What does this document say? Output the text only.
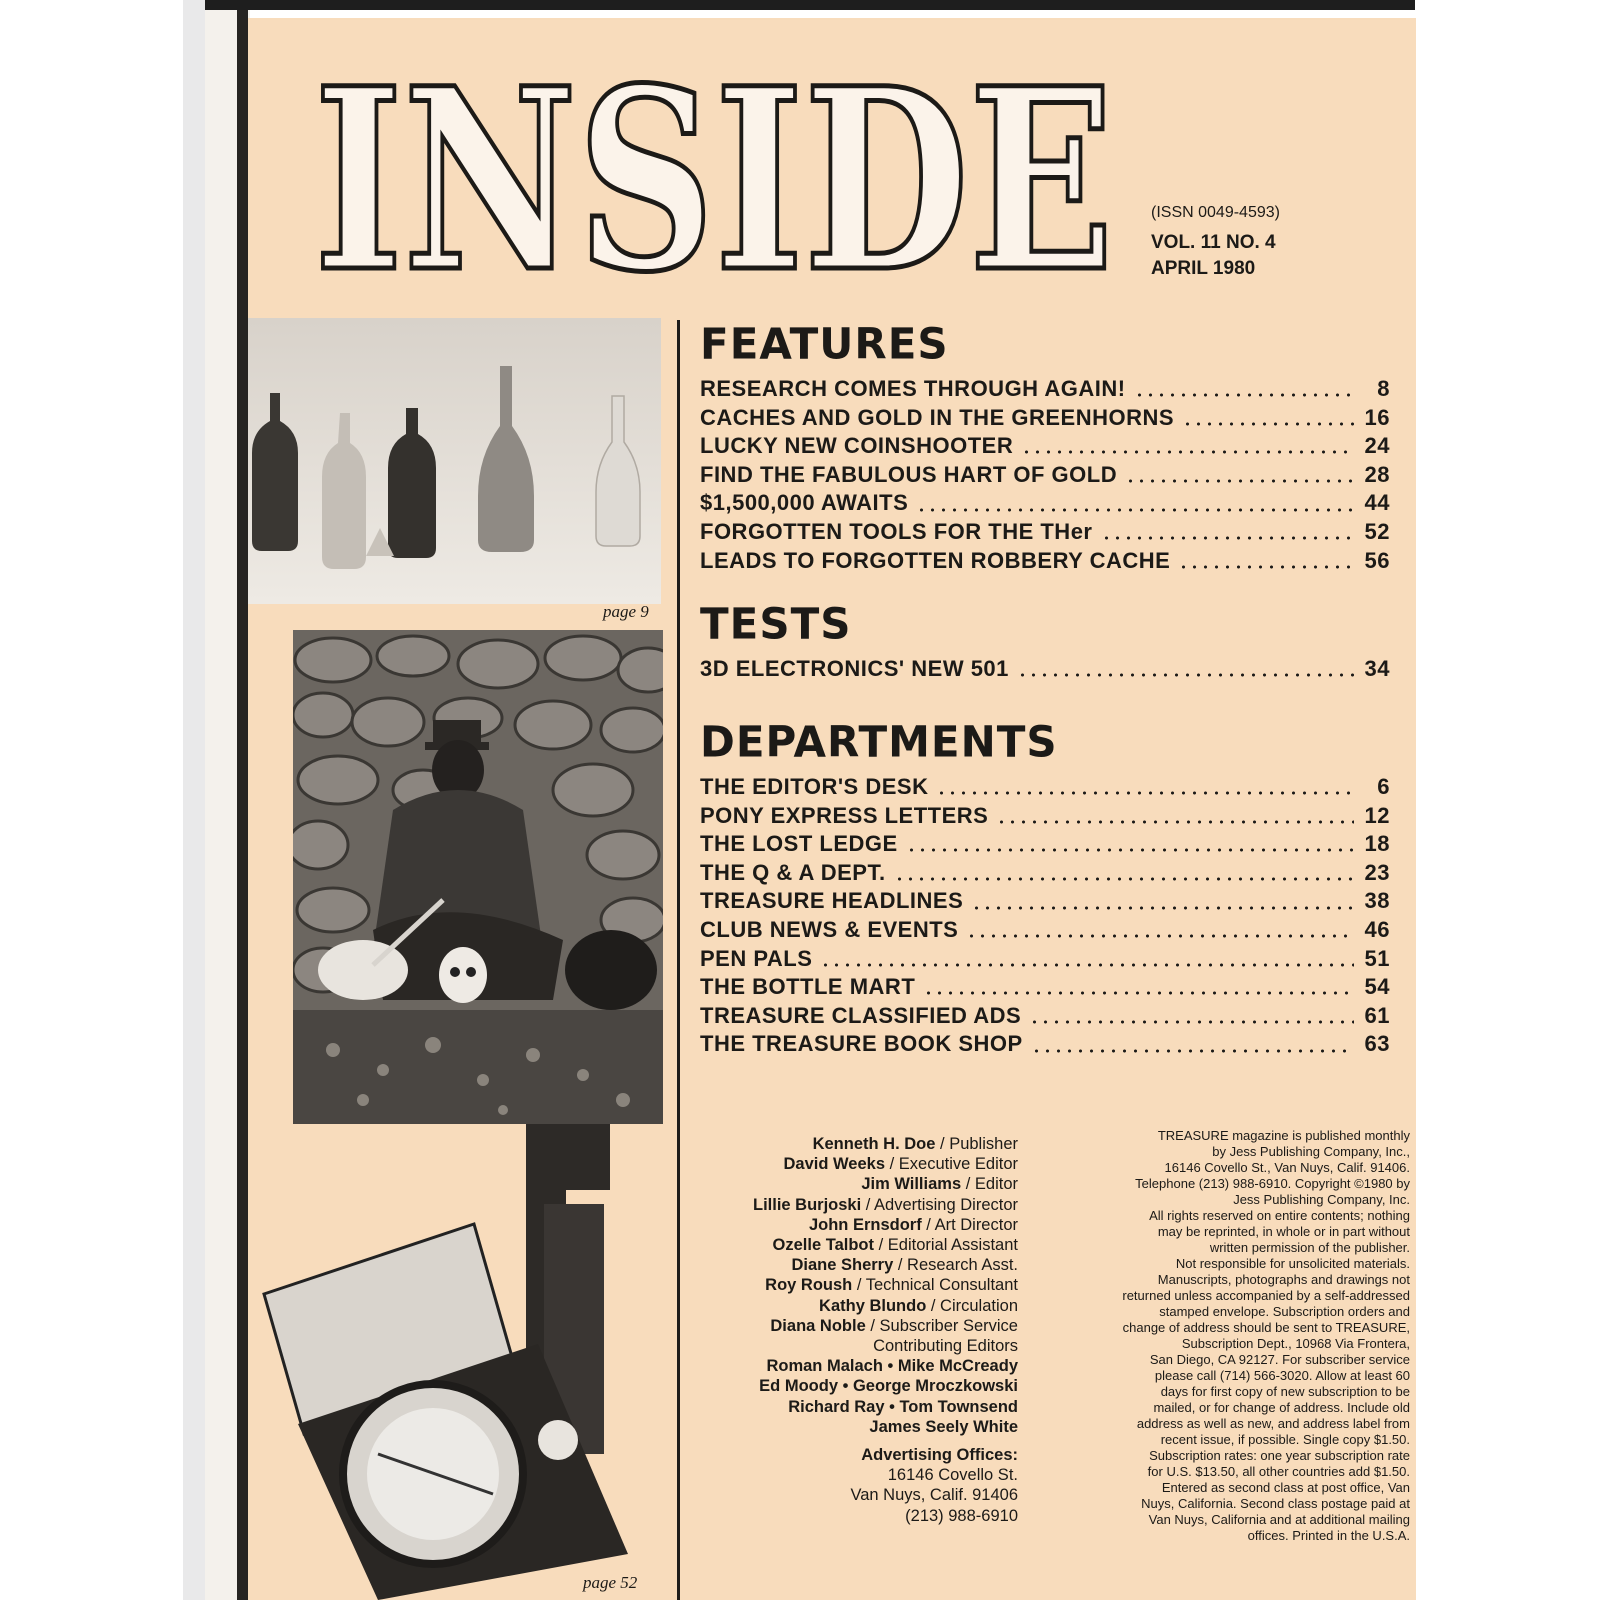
INSIDE (ISSN 0049-4593)
VOL. 11 NO. 4
APRIL 1980
page 9
page 52
FEATURES
RESEARCH COMES THROUGH AGAIN!	8
CACHES AND GOLD IN THE GREENHORNS	16
LUCKY NEW COINSHOOTER	24
FIND THE FABULOUS HART OF GOLD	28
$1,500,000 AWAITS	44
FORGOTTEN TOOLS FOR THE THer	52
LEADS TO FORGOTTEN ROBBERY CACHE	56
TESTS
3D ELECTRONICS' NEW 501	34
DEPARTMENTS
THE EDITOR'S DESK	6
PONY EXPRESS LETTERS	12
THE LOST LEDGE	18
THE Q & A DEPT.	23
TREASURE HEADLINES	38
CLUB NEWS & EVENTS	46
PEN PALS	51
THE BOTTLE MART	54
TREASURE CLASSIFIED ADS	61
THE TREASURE BOOK SHOP	63
Kenneth H. Doe / Publisher
David Weeks / Executive Editor
Jim Williams / Editor
Lillie Burjoski / Advertising Director
John Ernsdorf / Art Director
Ozelle Talbot / Editorial Assistant
Diane Sherry / Research Asst.
Roy Roush / Technical Consultant
Kathy Blundo / Circulation
Diana Noble / Subscriber Service
Contributing Editors
Roman Malach • Mike McCready
Ed Moody • George Mroczkowski
Richard Ray • Tom Townsend
James Seely White
Advertising Offices:
16146 Covello St.
Van Nuys, Calif. 91406
(213) 988-6910
TREASURE magazine is published monthly
by Jess Publishing Company, Inc.,
16146 Covello St., Van Nuys, Calif. 91406.
Telephone (213) 988-6910. Copyright ©1980 by
Jess Publishing Company, Inc.
All rights reserved on entire contents; nothing
may be reprinted, in whole or in part without
written permission of the publisher.
Not responsible for unsolicited materials.
Manuscripts, photographs and drawings not
returned unless accompanied by a self-addressed
stamped envelope. Subscription orders and
change of address should be sent to TREASURE,
Subscription Dept., 10968 Via Frontera,
San Diego, CA 92127. For subscriber service
please call (714) 566-3020. Allow at least 60
days for first copy of new subscription to be
mailed, or for change of address. Include old
address as well as new, and address label from
recent issue, if possible. Single copy $1.50.
Subscription rates: one year subscription rate
for U.S. $13.50, all other countries add $1.50.
Entered as second class at post office, Van
Nuys, California. Second class postage paid at
Van Nuys, California and at additional mailing
offices. Printed in the U.S.A.
